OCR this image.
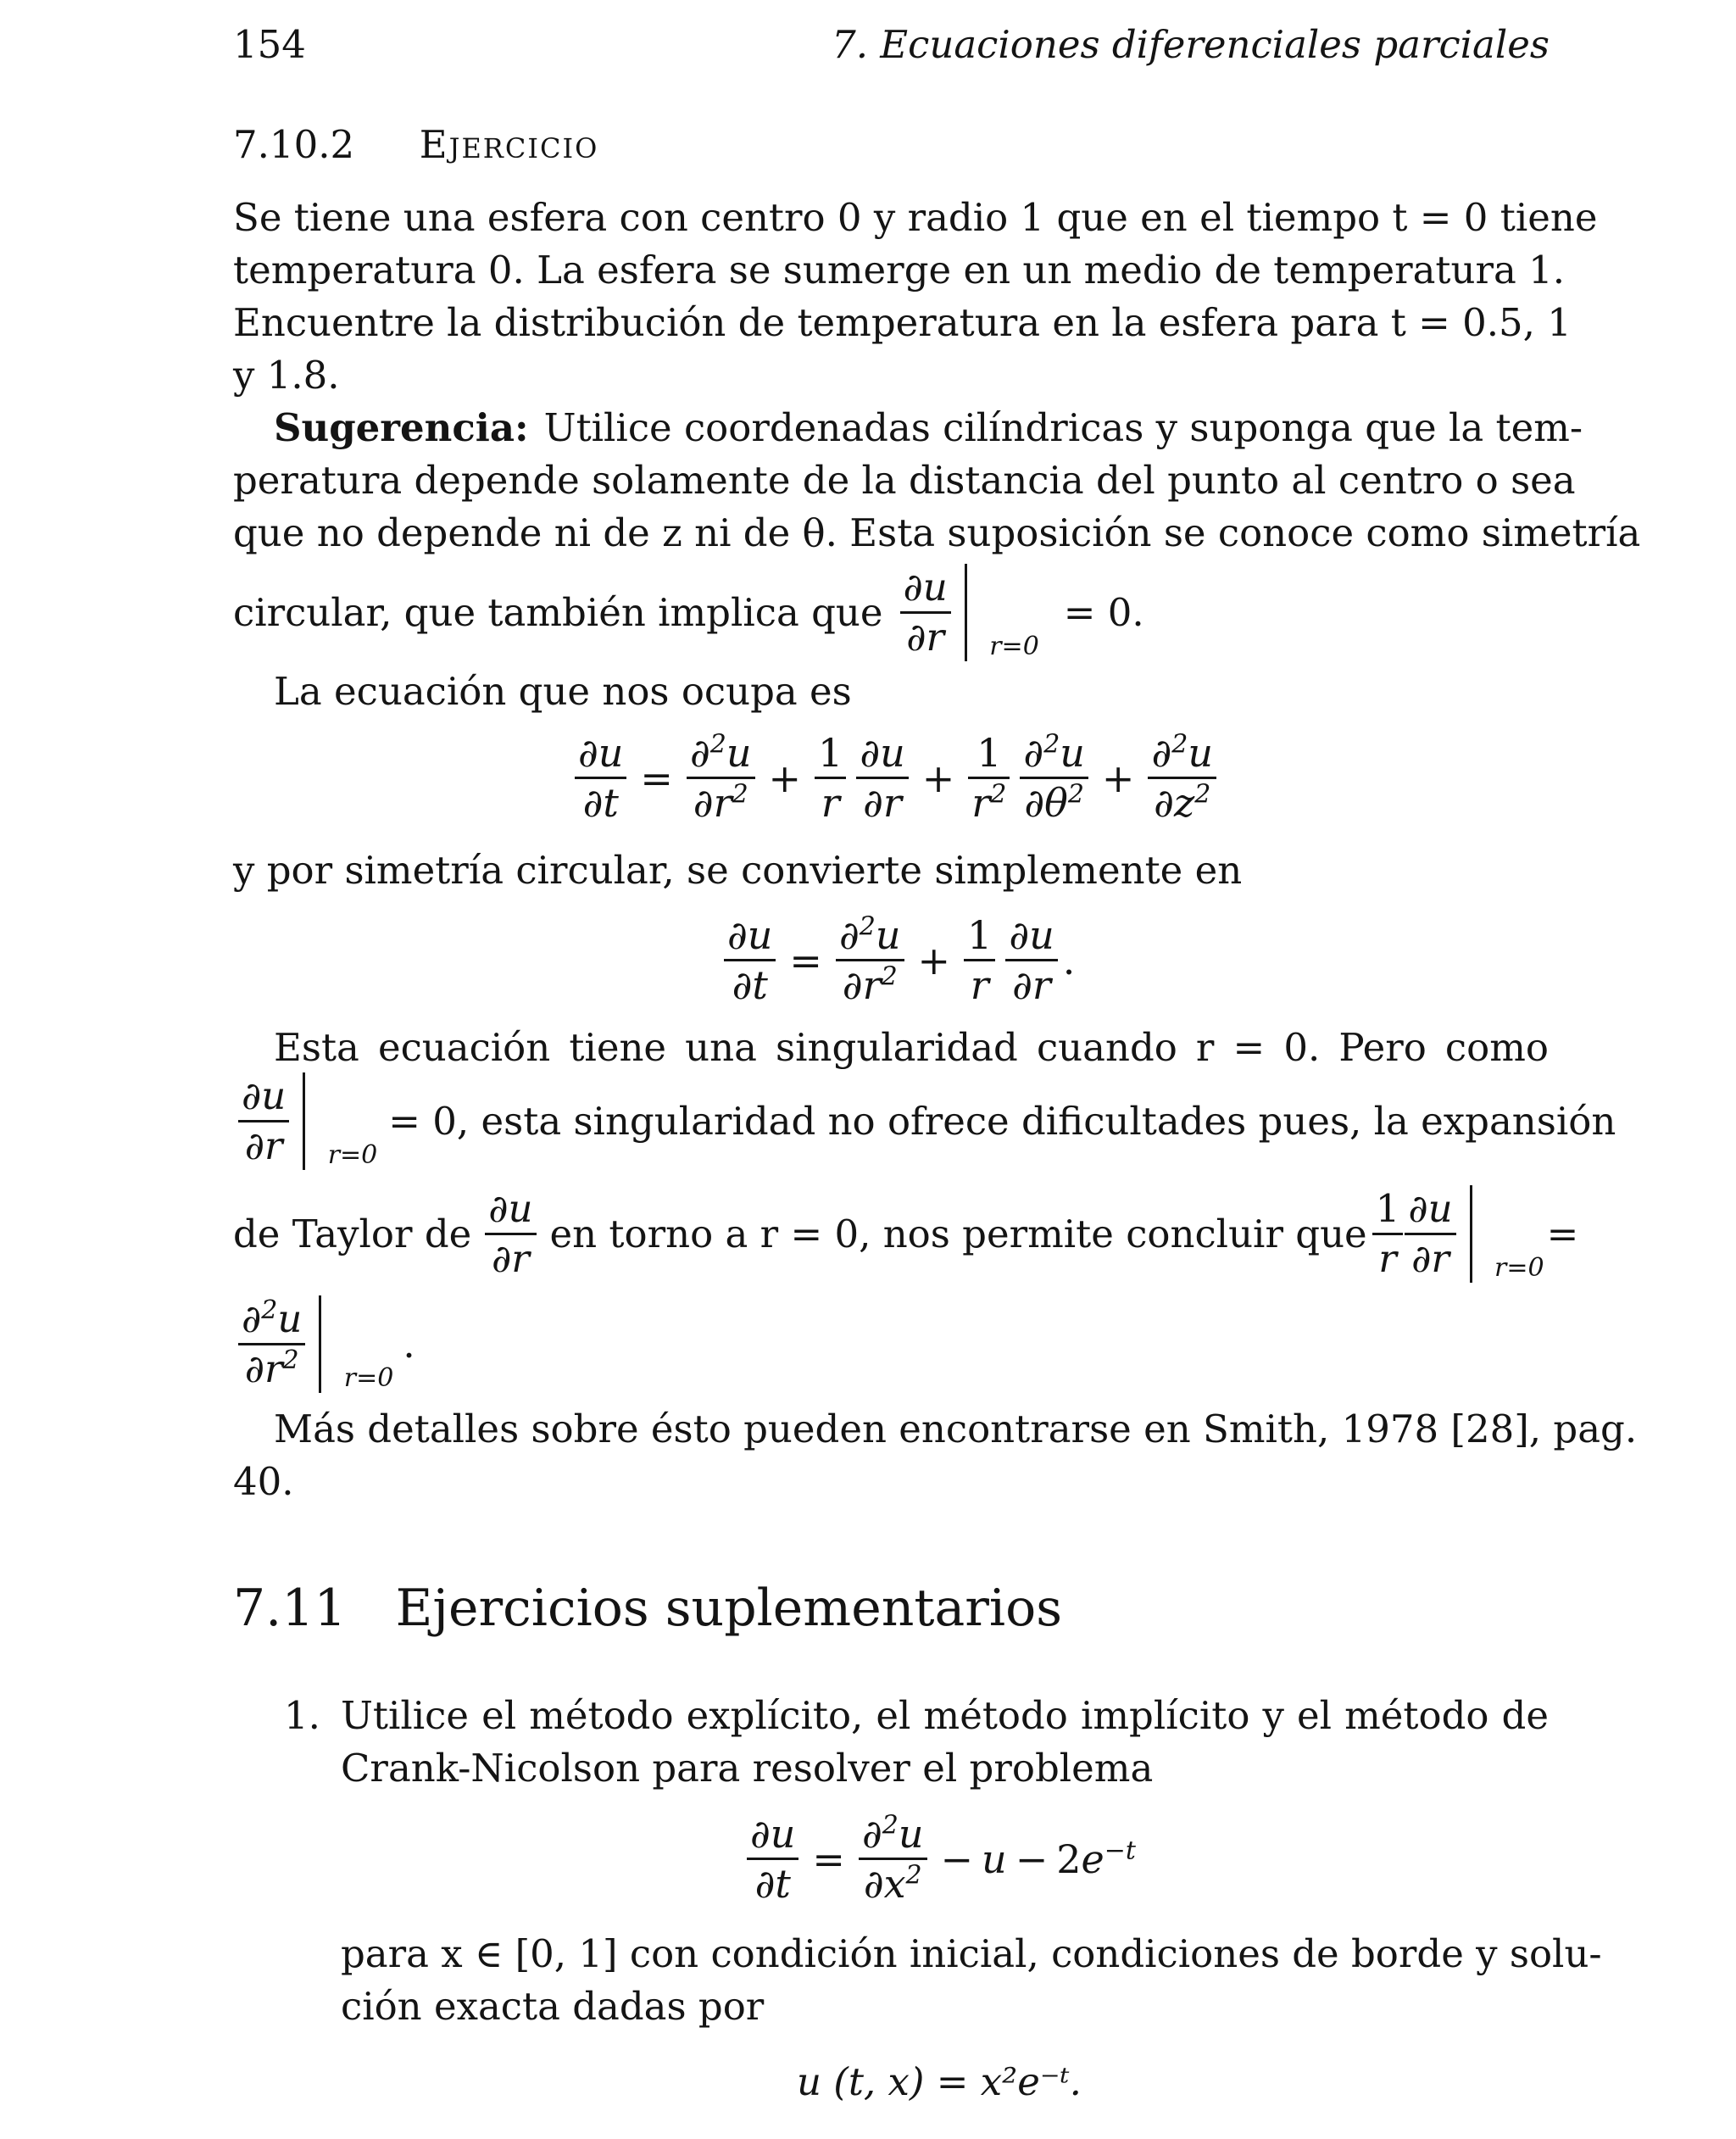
154	7. Ecuaciones diferenciales parciales
7.10.2 Ejercicio
Se tiene una esfera con centro 0 y radio 1 que en el tiempo t = 0 tiene
temperatura 0. La esfera se sumerge en un medio de temperatura 1.
Encuentre la distribución de temperatura en la esfera para t = 0.5, 1
y 1.8.
Sugerencia: Utilice coordenadas cilíndricas y suponga que la tem-
peratura depende solamente de la distancia del punto al centro o sea
que no depende ni de z ni de θ. Esta suposición se conoce como simetría
circular, que también implica que $\frac{\partial u}{\partial r} r=0$
= 0.
La ecuación que nos ocupa es
$\frac{\partial u}{\partial t} = \frac{\partial^2u}{\partial r^2} + \frac{1}{r} \frac{\partial u}{\partial r} + \frac{1}{r^2} \frac{\partial^2u}{\partial\theta^2} + \frac{\partial^2u}{\partial z^2}$
y por simetría circular, se convierte simplemente en
$\frac{\partial u}{\partial t} = \frac{\partial^2u}{\partial r^2} + \frac{1}{r} \frac{\partial u}{\partial r}$ .
Esta ecuación tiene una singularidad cuando r = 0. Pero como
$\frac{\partial u}{\partial r} r=0$
= 0, esta singularidad no ofrece dificultades pues, la expansión
de Taylor de $\frac{\partial u}{\partial r}$ en torno a r = 0, nos permite concluir que $\frac{1}{r} \frac{\partial u}{\partial r} r=0$
=
$\frac{\partial^2u}{\partial r^2} r=0$
.
Más detalles sobre ésto pueden encontrarse en Smith, 1978 [28], pag.
40.
7.11 Ejercicios suplementarios
1. Utilice el método explícito, el método implícito y el método de
Crank-Nicolson para resolver el problema
$\frac{\partial u}{\partial t} = \frac{\partial^2u}{\partial x^2} - u - 2e^{-t}$
para x ∈ [0, 1] con condición inicial, condiciones de borde y solu-
ción exacta dadas por
u (t, x) = x²e⁻ᵗ.
